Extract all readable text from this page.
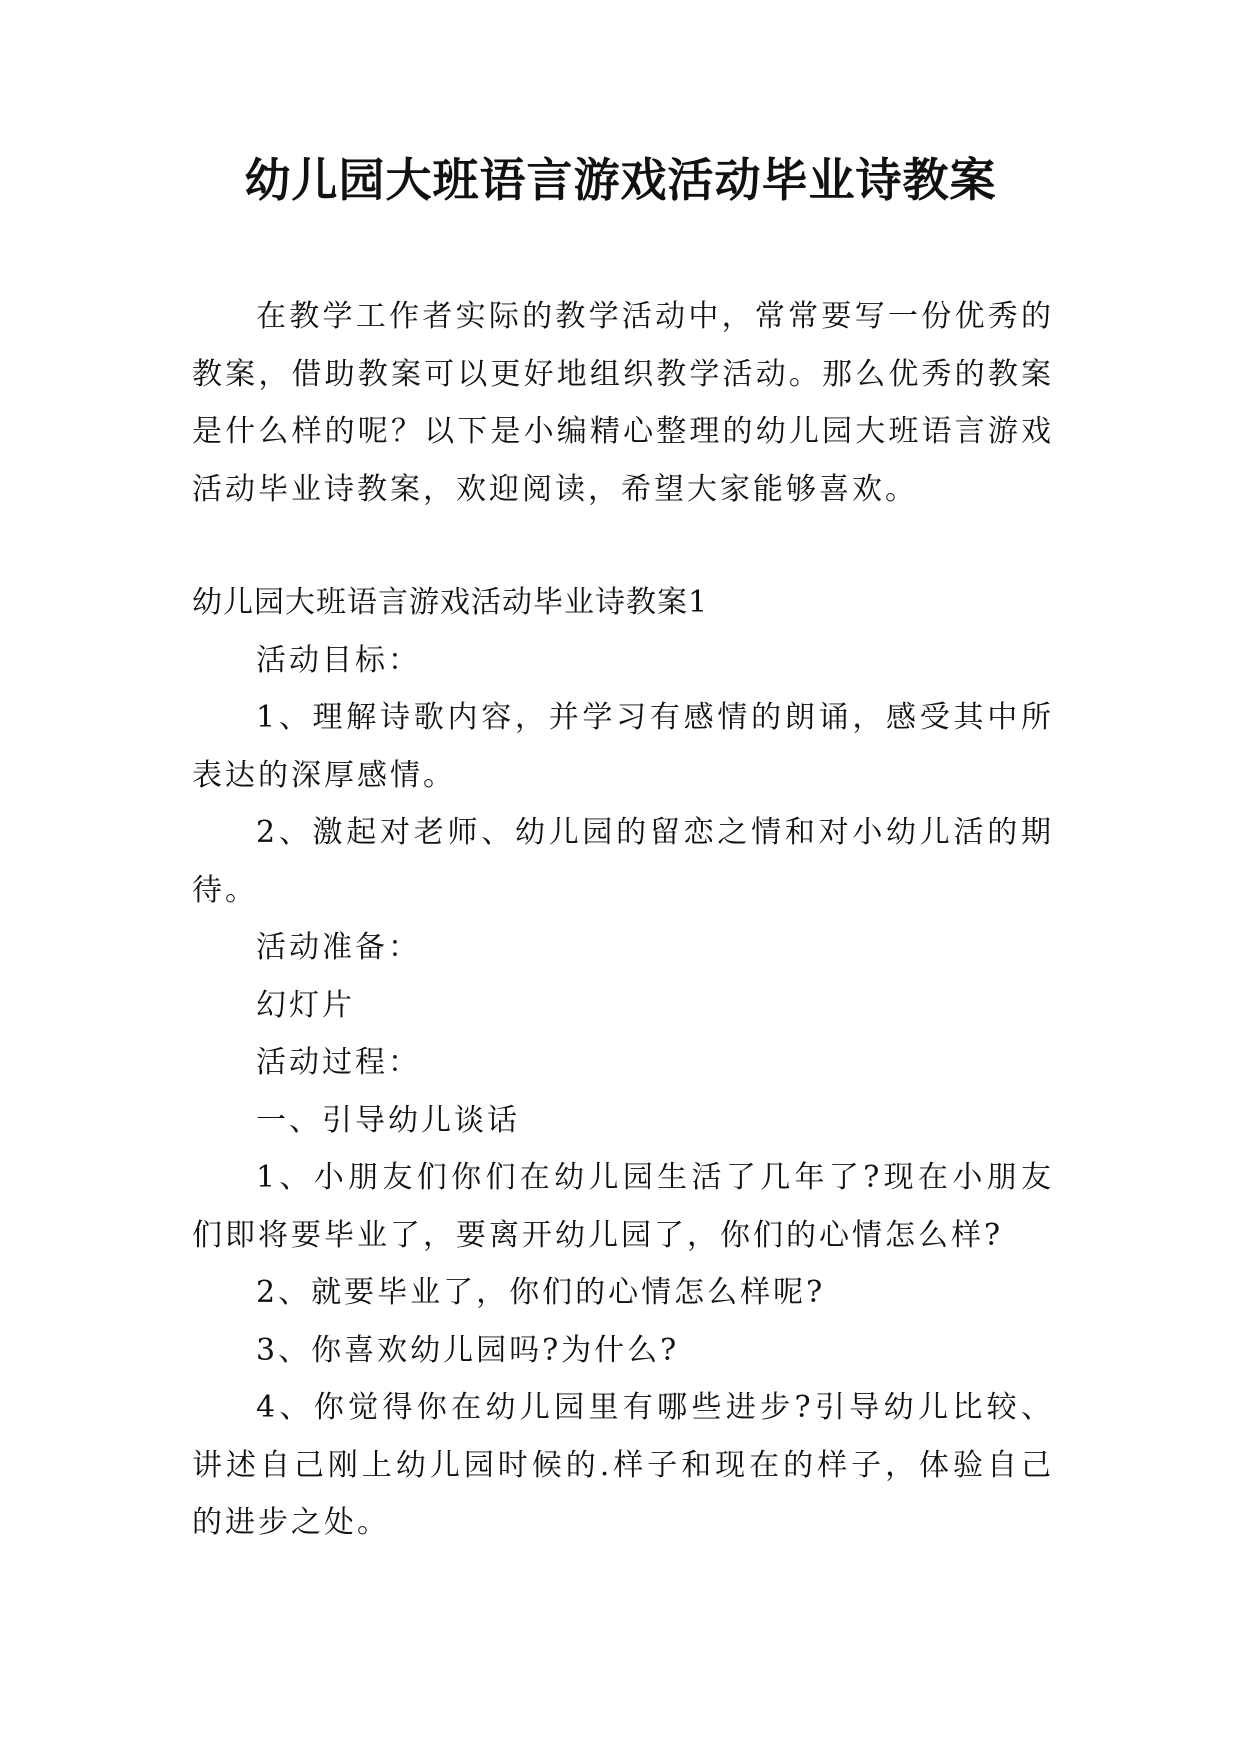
幼儿园大班语言游戏活动毕业诗教案

在教学工作者实际的教学活动中，常常要写一份优秀的教案，借助教案可以更好地组织教学活动。那么优秀的教案是什么样的呢？以下是小编精心整理的幼儿园大班语言游戏活动毕业诗教案，欢迎阅读，希望大家能够喜欢。

幼儿园大班语言游戏活动毕业诗教案1

活动目标：

1、理解诗歌内容，并学习有感情的朗诵，感受其中所表达的深厚感情。

2、激起对老师、幼儿园的留恋之情和对小幼儿活的期待。

活动准备：

幻灯片

活动过程：

一、引导幼儿谈话

1、小朋友们你们在幼儿园生活了几年了?现在小朋友们即将要毕业了，要离开幼儿园了，你们的心情怎么样?

2、就要毕业了，你们的心情怎么样呢?

3、你喜欢幼儿园吗?为什么?

4、你觉得你在幼儿园里有哪些进步?引导幼儿比较、讲述自己刚上幼儿园时候的.样子和现在的样子，体验自己的进步之处。
